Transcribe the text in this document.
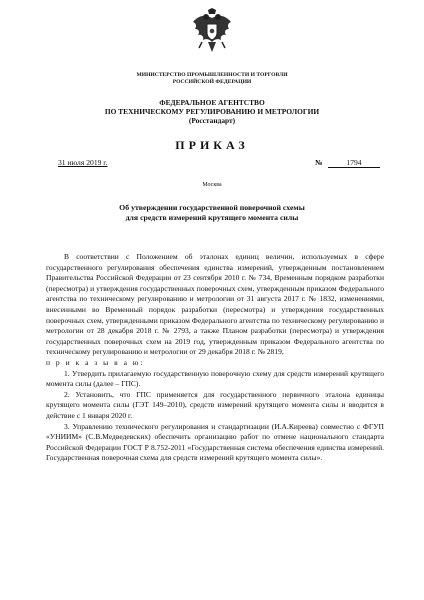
МИНИСТЕРСТВО ПРОМЫШЛЕННОСТИ И ТОРГОВЛИ
РОССИЙСКОЙ ФЕДЕРАЦИИ
ФЕДЕРАЛЬНОЕ АГЕНТСТВО
ПО ТЕХНИЧЕСКОМУ РЕГУЛИРОВАНИЮ И МЕТРОЛОГИИ
(Росстандарт)
ПРИКАЗ
31 июля 2019 г.	№	1794
Москва
Об утверждении государственной поверочной схемы
для средств измерений крутящего момента силы

В соответствии с Положением об эталонах единиц величин, используемых в сфере государственного регулирования обеспечения единства измерений, утвержденным постановлением Правительства Российской Федерации от 23 сентября 2010 г. № 734, Временным порядком разработки (пересмотра) и утверждения государственных поверочных схем, утвержденным приказом Федерального агентства по техническому регулированию и метрологии от 31 августа 2017 г. № 1832, изменениями, внесенными во Временный порядок разработки (пересмотра) и утверждения государственных поверочных схем, утвержденными приказом Федерального агентства по техническому регулированию и метрологии от 28 декабря 2018 г. № 2793, а также Планом разработки (пересмотра) и утверждения государственных поверочных схем на 2019 год, утвержденным приказом Федерального агентства по техническому регулированию и метрологии от 29 декабря 2018 г. № 2819,
п р и к а з ы в а ю:

1. Утвердить прилагаемую государственную поверочную схему для средств измерений крутящего момента силы (далее – ГПС).

2. Установить, что ГПС применяется для государственного первичного эталона единицы крутящего момента силы (ГЭТ 149–2010), средств измерений крутящего момента силы и вводится в действие с 1 января 2020 г.

3. Управлению технического регулирования и стандартизации (И.А.Киреева) совместно с ФГУП «УНИИМ» (С.В.Медведевских) обеспечить организацию работ по отмене национального стандарта Российской Федерации ГОСТ Р 8.752-2011 «Государственная система обеспечения единства измерений. Государственная поверочная схема для средств измерений крутящего момента силы».
